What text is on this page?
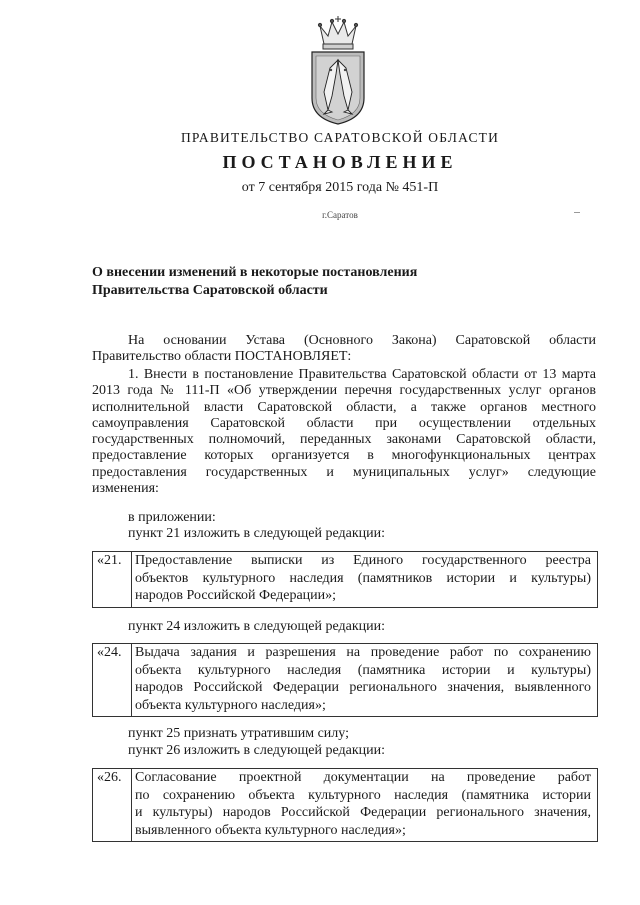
ПРАВИТЕЛЬСТВО САРАТОВСКОЙ ОБЛАСТИ
ПОСТАНОВЛЕНИЕ
от 7 сентября 2015 года № 451-П
г.Саратов
О внесении изменений в некоторые постановления
Правительства Саратовской области
На основании Устава (Основного Закона) Саратовской области
Правительство области ПОСТАНОВЛЯЕТ:
1. Внести в постановление Правительства Саратовской области от 13 марта
2013 года № 111-П «Об утверждении перечня государственных услуг органов
исполнительной власти Саратовской области, а также органов местного
самоуправления Саратовской области при осуществлении отдельных
государственных полномочий, переданных законами Саратовской области,
предоставление которых организуется в многофункциональных центрах
предоставления государственных и муниципальных услуг» следующие
изменения:
в приложении:
пункт 21 изложить в следующей редакции:
«21. Предоставление выписки из Единого государственного реестра
объектов культурного наследия (памятников истории и культуры)
народов Российской Федерации»;
пункт 24 изложить в следующей редакции:
«24. Выдача задания и разрешения на проведение работ по сохранению
объекта культурного наследия (памятника истории и культуры)
народов Российской Федерации регионального значения, выявленного
объекта культурного наследия»;
пункт 25 признать утратившим силу;
пункт 26 изложить в следующей редакции:
«26. Согласование проектной документации на проведение работ
по сохранению объекта культурного наследия (памятника истории
и культуры) народов Российской Федерации регионального значения,
выявленного объекта культурного наследия»;
